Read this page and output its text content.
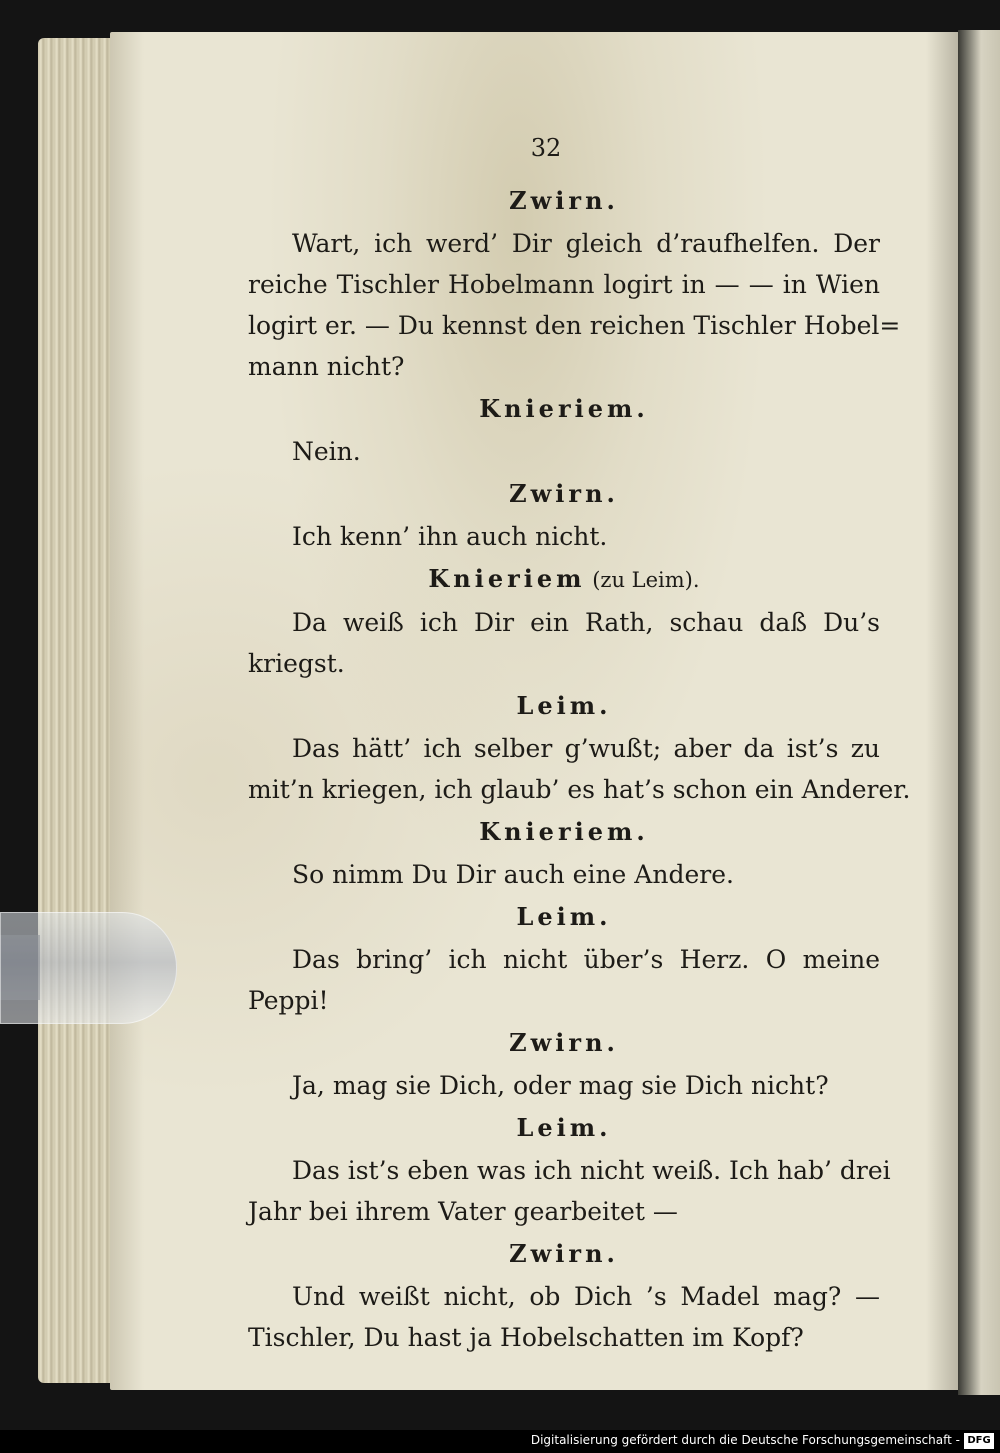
32

Zwirn.

Wart, ich werd’ Dir gleich d’raufhelfen. Der

reiche Tischler Hobelmann logirt in — — in Wien

logirt er. — Du kennst den reichen Tischler Hobel=

mann nicht?

Knieriem.

Nein.

Zwirn.

Ich kenn’ ihn auch nicht.

Knieriem (zu Leim).

Da weiß ich Dir ein Rath, schau daß Du’s

kriegst.

Leim.

Das hätt’ ich selber g’wußt; aber da ist’s zu

mit’n kriegen, ich glaub’ es hat’s schon ein Anderer.

Knieriem.

So nimm Du Dir auch eine Andere.

Leim.

Das bring’ ich nicht über’s Herz. O meine

Peppi!

Zwirn.

Ja, mag sie Dich, oder mag sie Dich nicht?

Leim.

Das ist’s eben was ich nicht weiß. Ich hab’ drei

Jahr bei ihrem Vater gearbeitet —

Zwirn.

Und weißt nicht, ob Dich ’s Madel mag? —

Tischler, Du hast ja Hobelschatten im Kopf?

Digitalisierung gefördert durch die Deutsche Forschungsgemeinschaft - DFG
